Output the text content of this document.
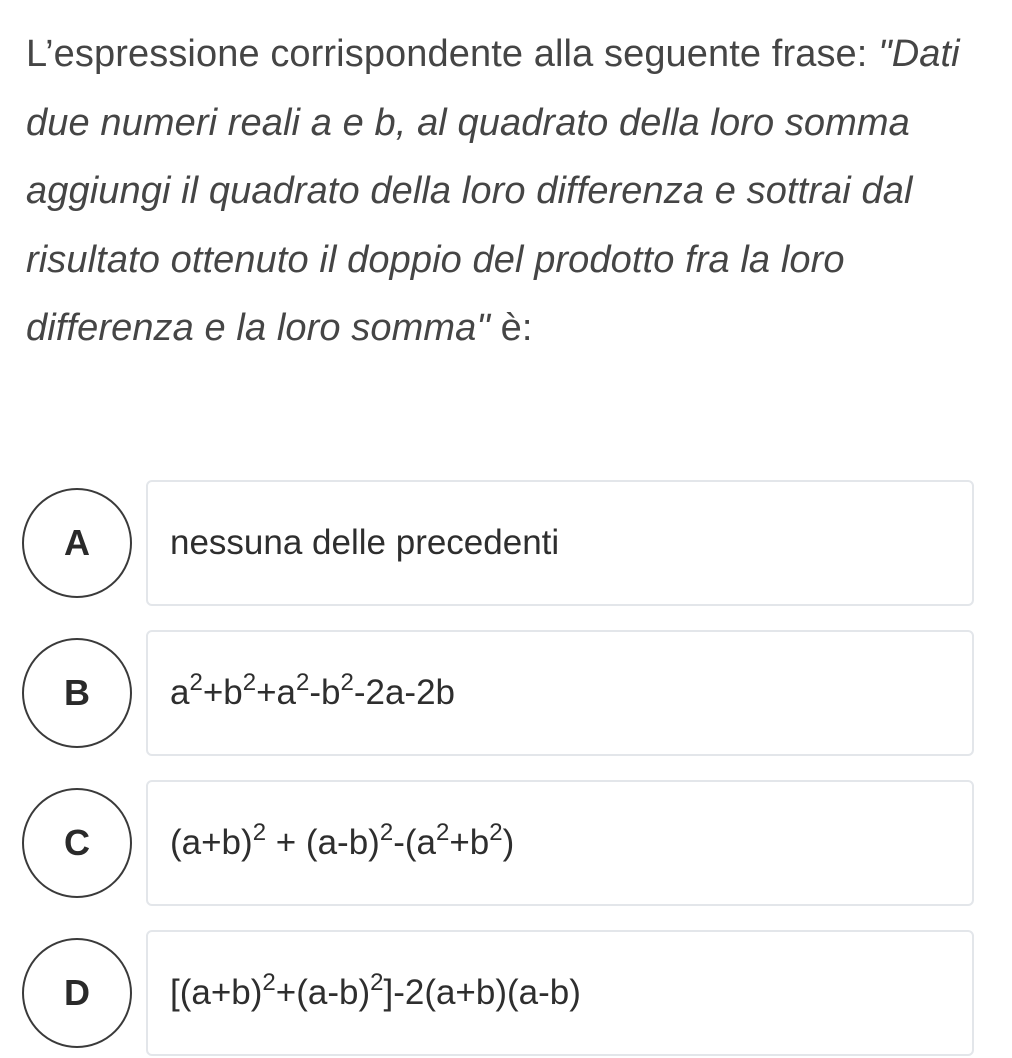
L’espressione corrispondente alla seguente frase: "Dati due numeri reali a e b, al quadrato della loro somma aggiungi il quadrato della loro differenza e sottrai dal risultato ottenuto il doppio del prodotto fra la loro differenza e la loro somma" è:
A	nessuna delle precedenti
B	$a^2+b^2+a^2-b^2-2a-2b$
C	$(a+b)^2 + (a-b)^2-(a^2+b^2)$
D	$[(a+b)^2+(a-b)^2]-2(a+b)(a-b)$
